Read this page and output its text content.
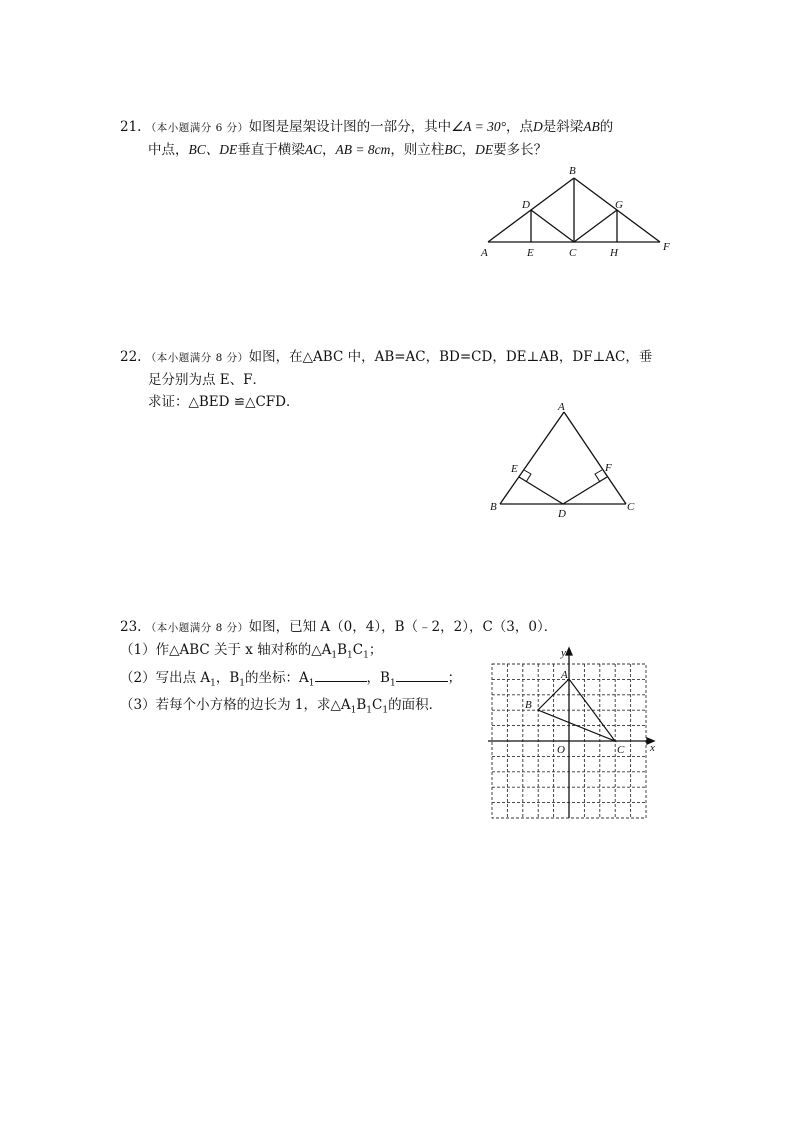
21. （本小题满分 6 分）如图是屋架设计图的一部分，其中∠A = 30°，点D是斜梁AB的
中点，BC、DE垂直于横梁AC，AB = 8cm，则立柱BC，DE要多长？
A
B
C
D
E	F
G
H
22. （本小题满分 8 分）如图，在△ABC 中，AB=AC，BD=CD，DE⊥AB，DF⊥AC，垂
足分别为点 E、F．
求证：△BED ≌△CFD．	A
B	C
D
E	F
23. （本小题满分 8 分）如图，已知 A（0，4），B（﹣2，2），C（3，0）．
（1）作△ABC 关于 x 轴对称的$\triangle A_1B_1C_1$；
（2）写出点 $A_1$，$B_1$的坐标：$A_1$	，$B_1$	；
（3）若每个小方格的边长为 1，求$\triangle A_1B_1C_1$的面积．
y
x
O
A
B
C
